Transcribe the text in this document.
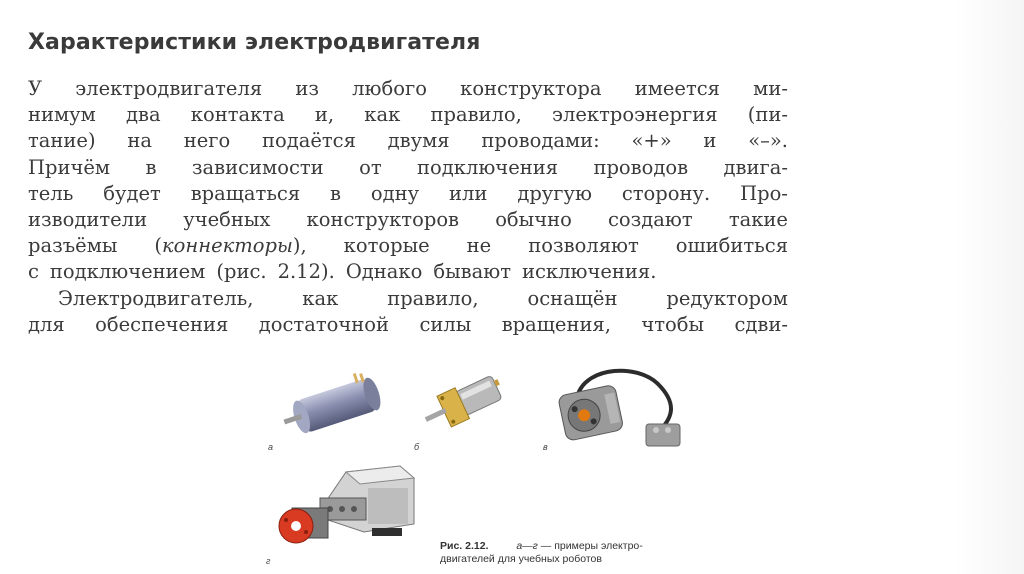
Характеристики электродвигателя
У электродвигателя из любого конструктора имеется ми-
нимум два контакта и, как правило, электроэнергия (пи-
тание) на него подаётся двумя проводами: «+» и «–».
Причём в зависимости от подключения проводов двига-
тель будет вращаться в одну или другую сторону. Про-
изводители учебных конструкторов обычно создают такие
разъёмы (коннекторы), которые не позволяют ошибиться
с подключением (рис. 2.12). Однако бывают исключения.
Электродвигатель,	как	правило,	оснащён	редуктором
для обеспечения достаточной силы вращения, чтобы сдви-
а	б	в
г
Рис. 2.12.	а—г — примеры электро-
двигателей для учебных роботов
